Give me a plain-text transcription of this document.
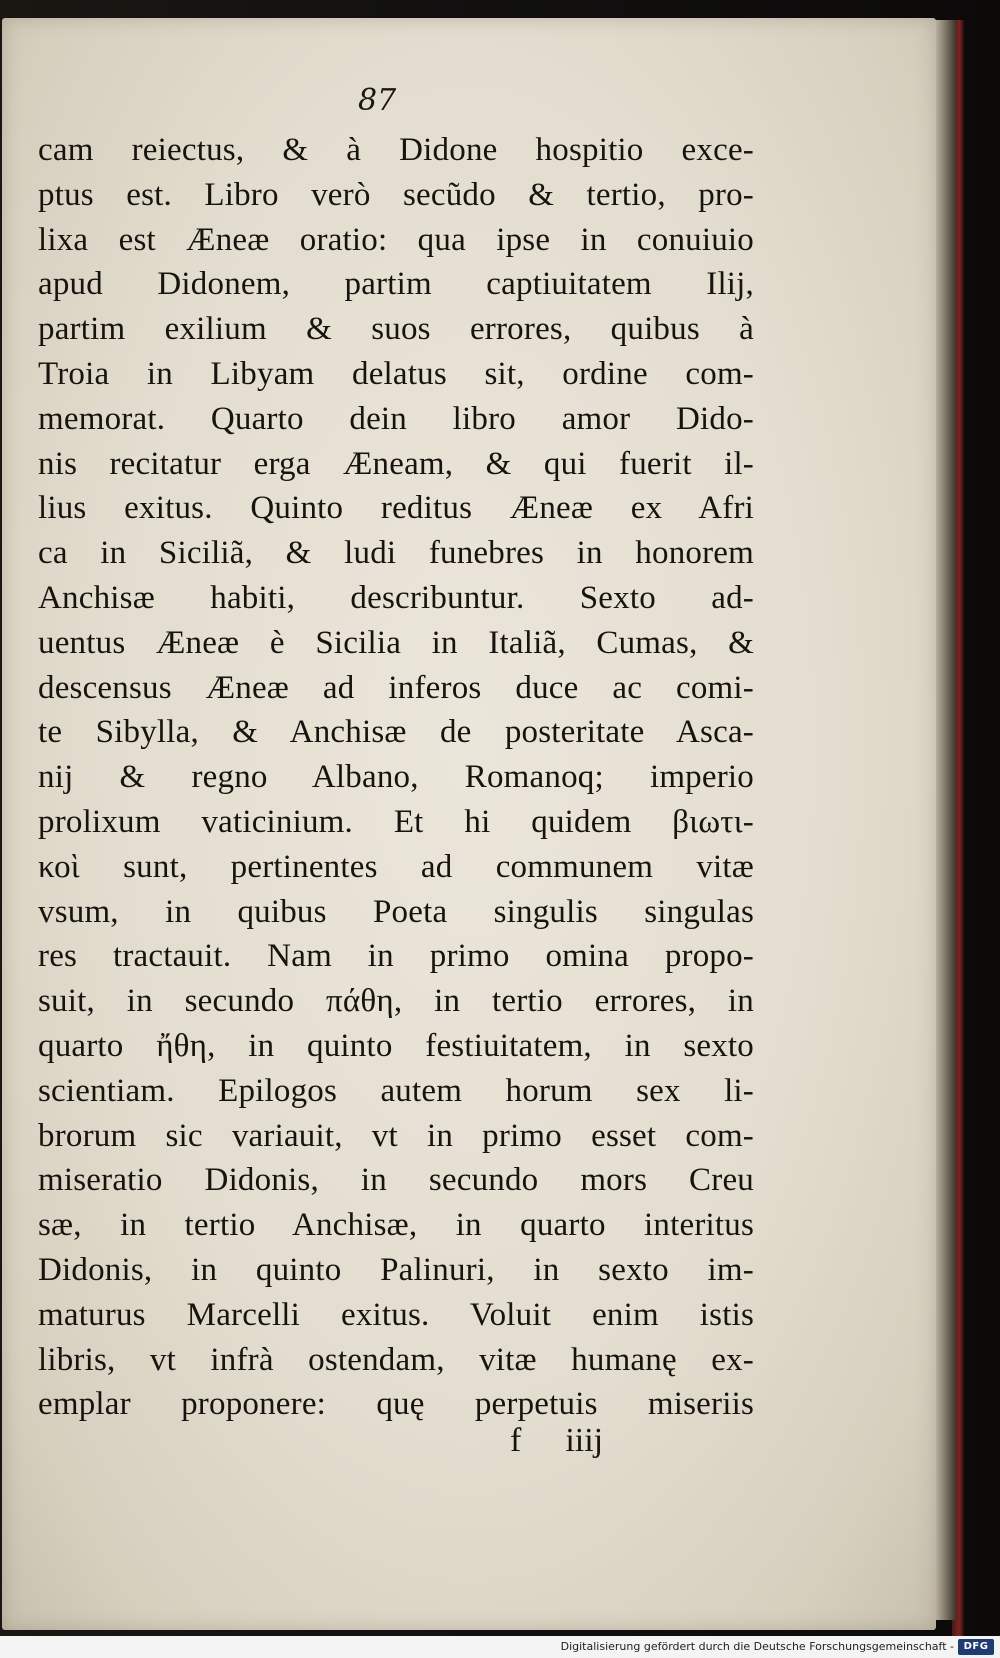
87
cam reiectus, & à Didone hospitio exce-
ptus est. Libro verò secũdo & tertio, pro-
lixa est Æneæ oratio: qua ipse in conuiuio
apud Didonem, partim captiuitatem Ilij,
partim exilium & suos errores, quibus à
Troia in Libyam delatus sit, ordine com-
memorat. Quarto dein libro amor Dido-
nis recitatur erga Æneam, & qui fuerit il-
lius exitus. Quinto reditus Æneæ ex Afri
ca in Siciliã, & ludi funebres in honorem
Anchisæ habiti, describuntur. Sexto ad-
uentus Æneæ è Sicilia in Italiã, Cumas, &
descensus Æneæ ad inferos duce ac comi-
te Sibylla, & Anchisæ de posteritate Asca-
nij & regno Albano, Romanoq; imperio
prolixum vaticinium. Et hi quidem βιωτι-
κοὶ sunt, pertinentes ad communem vitæ
vsum, in quibus Poeta singulis singulas
res tractauit. Nam in primo omina propo-
suit, in secundo πάθη, in tertio errores, in
quarto ἤθη, in quinto festiuitatem, in sexto
scientiam. Epilogos autem horum sex li-
brorum sic variauit, vt in primo esset com-
miseratio Didonis, in secundo mors Creu
sæ, in tertio Anchisæ, in quarto interitus
Didonis, in quinto Palinuri, in sexto im-
maturus Marcelli exitus. Voluit enim istis
libris, vt infrà ostendam, vitæ humanę ex-
emplar proponere: quę perpetuis miseriis
f iiij
Digitalisierung gefördert durch die Deutsche Forschungsgemeinschaft - DFG
